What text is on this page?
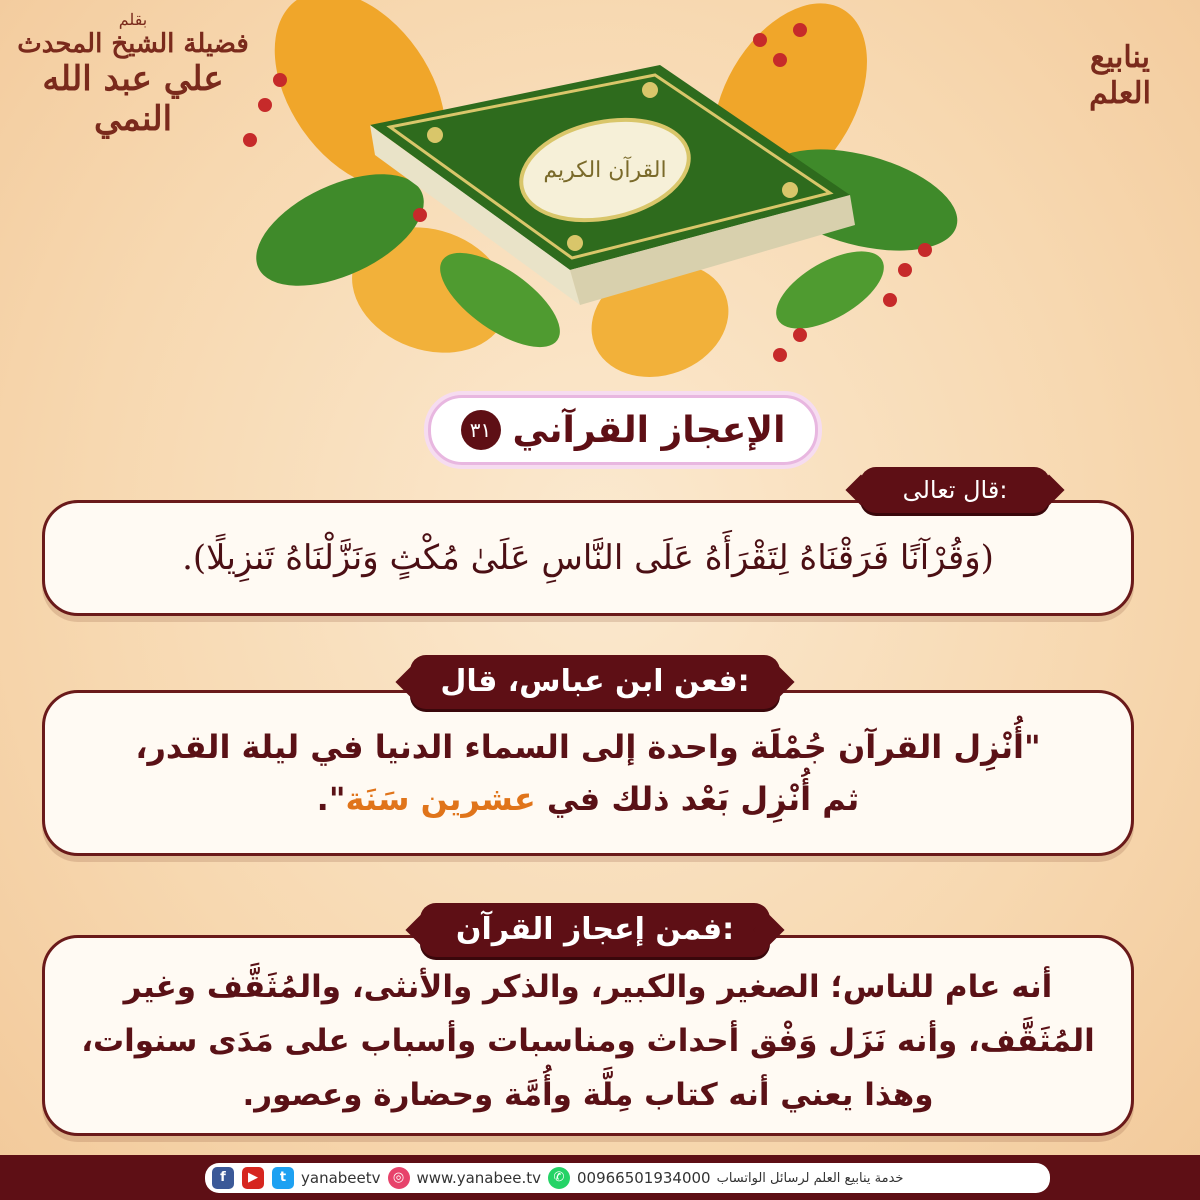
القرآن الكريم
بقلم
فضيلة الشيخ المحدث
علي عبد الله النمي
ينابيع العلم
الإعجاز القرآني
٣١
(وَقُرْآنًا فَرَقْنَاهُ لِتَقْرَأَهُ عَلَى النَّاسِ عَلَىٰ مُكْثٍ وَنَزَّلْنَاهُ تَنزِيلًا).
قال تعالى:
"أُنْزِل القرآن جُمْلَة واحدة إلى السماء الدنيا في ليلة القدر،
ثم أُنْزِل بَعْد ذلك في عشرين سَنَة".
فعن ابن عباس، قال:
أنه عام للناس؛ الصغير والكبير، والذكر والأنثى، والمُثَقَّف وغير
المُثَقَّف، وأنه نَزَل وَفْق أحداث ومناسبات وأسباب على مَدَى سنوات،
وهذا يعني أنه كتاب مِلَّة وأُمَّة وحضارة وعصور.
فمن إعجاز القرآن:
f	▶	t yanabeetv ◎ www.yanabee.tv ✆ 00966501934000 خدمة ينابيع العلم لرسائل الواتساب
